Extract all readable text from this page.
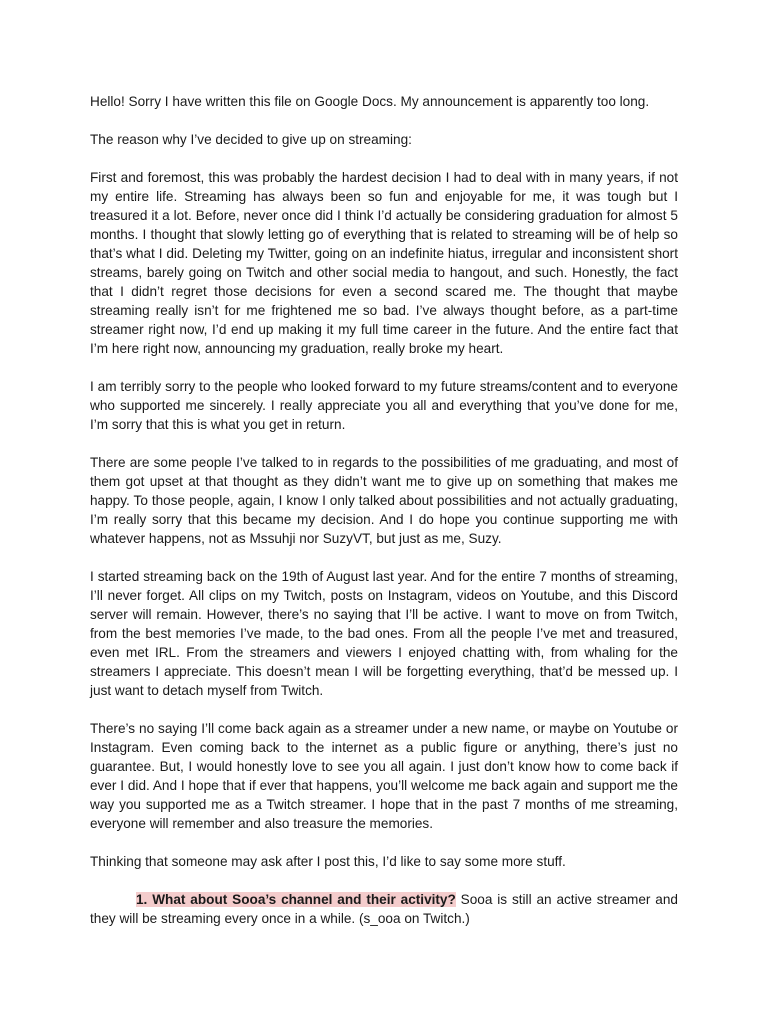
Hello! Sorry I have written this file on Google Docs. My announcement is apparently too long.

The reason why I’ve decided to give up on streaming:

First and foremost, this was probably the hardest decision I had to deal with in many years, if not my entire life. Streaming has always been so fun and enjoyable for me, it was tough but I treasured it a lot. Before, never once did I think I’d actually be considering graduation for almost 5 months. I thought that slowly letting go of everything that is related to streaming will be of help so that’s what I did. Deleting my Twitter, going on an indefinite hiatus, irregular and inconsistent short streams, barely going on Twitch and other social media to hangout, and such. Honestly, the fact that I didn’t regret those decisions for even a second scared me. The thought that maybe streaming really isn’t for me frightened me so bad. I’ve always thought before, as a part-time streamer right now, I’d end up making it my full time career in the future. And the entire fact that I’m here right now, announcing my graduation, really broke my heart.

I am terribly sorry to the people who looked forward to my future streams/content and to everyone who supported me sincerely. I really appreciate you all and everything that you’ve done for me, I’m sorry that this is what you get in return.

There are some people I’ve talked to in regards to the possibilities of me graduating, and most of them got upset at that thought as they didn’t want me to give up on something that makes me happy. To those people, again, I know I only talked about possibilities and not actually graduating, I’m really sorry that this became my decision. And I do hope you continue supporting me with whatever happens, not as Mssuhji nor SuzyVT, but just as me, Suzy.

I started streaming back on the 19th of August last year. And for the entire 7 months of streaming, I’ll never forget. All clips on my Twitch, posts on Instagram, videos on Youtube, and this Discord server will remain. However, there’s no saying that I’ll be active. I want to move on from Twitch, from the best memories I’ve made, to the bad ones. From all the people I’ve met and treasured, even met IRL. From the streamers and viewers I enjoyed chatting with, from whaling for the streamers I appreciate. This doesn’t mean I will be forgetting everything, that’d be messed up. I just want to detach myself from Twitch.

There’s no saying I’ll come back again as a streamer under a new name, or maybe on Youtube or Instagram. Even coming back to the internet as a public figure or anything, there’s just no guarantee. But, I would honestly love to see you all again. I just don’t know how to come back if ever I did. And I hope that if ever that happens, you’ll welcome me back again and support me the way you supported me as a Twitch streamer. I hope that in the past 7 months of me streaming, everyone will remember and also treasure the memories.

Thinking that someone may ask after I post this, I’d like to say some more stuff.

1. What about Sooa’s channel and their activity? Sooa is still an active streamer and they will be streaming every once in a while. (s_ooa on Twitch.)
